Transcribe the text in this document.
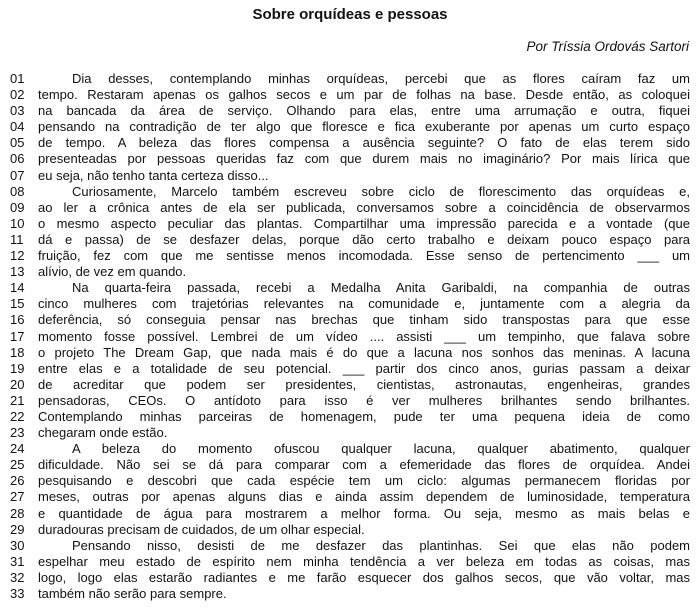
Sobre orquídeas e pessoas
Por Tríssia Ordovás Sartori
01	Dia desses, contemplando minhas orquídeas, percebi que as flores caíram faz um
02	tempo. Restaram apenas os galhos secos e um par de folhas na base. Desde então, as coloquei
03	na bancada da área de serviço. Olhando para elas, entre uma arrumação e outra, fiquei
04	pensando na contradição de ter algo que floresce e fica exuberante por apenas um curto espaço
05	de tempo. A beleza das flores compensa a ausência seguinte? O fato de elas terem sido
06	presenteadas por pessoas queridas faz com que durem mais no imaginário? Por mais lírica que
07	eu seja, não tenho tanta certeza disso...
08	Curiosamente, Marcelo também escreveu sobre ciclo de florescimento das orquídeas e,
09	ao ler a crônica antes de ela ser publicada, conversamos sobre a coincidência de observarmos
10	o mesmo aspecto peculiar das plantas. Compartilhar uma impressão parecida e a vontade (que
11	dá e passa) de se desfazer delas, porque dão certo trabalho e deixam pouco espaço para
12	fruição, fez com que me sentisse menos incomodada. Esse senso de pertencimento ___ um
13	alívio, de vez em quando.
14	Na quarta-feira passada, recebi a Medalha Anita Garibaldi, na companhia de outras
15	cinco mulheres com trajetórias relevantes na comunidade e, juntamente com a alegria da
16	deferência, só conseguia pensar nas brechas que tinham sido transpostas para que esse
17	momento fosse possível. Lembrei de um vídeo .... assisti ___ um tempinho, que falava sobre
18	o projeto The Dream Gap, que nada mais é do que a lacuna nos sonhos das meninas. A lacuna
19	entre elas e a totalidade de seu potencial. ___ partir dos cinco anos, gurias passam a deixar
20	de acreditar que podem ser presidentes, cientistas, astronautas, engenheiras, grandes
21	pensadoras, CEOs. O antídoto para isso é ver mulheres brilhantes sendo brilhantes.
22	Contemplando minhas parceiras de homenagem, pude ter uma pequena ideia de como
23	chegaram onde estão.
24	A beleza do momento ofuscou qualquer lacuna, qualquer abatimento, qualquer
25	dificuldade. Não sei se dá para comparar com a efemeridade das flores de orquídea. Andei
26	pesquisando e descobri que cada espécie tem um ciclo: algumas permanecem floridas por
27	meses, outras por apenas alguns dias e ainda assim dependem de luminosidade, temperatura
28	e quantidade de água para mostrarem a melhor forma. Ou seja, mesmo as mais belas e
29	duradouras precisam de cuidados, de um olhar especial.
30	Pensando nisso, desisti de me desfazer das plantinhas. Sei que elas não podem
31	espelhar meu estado de espírito nem minha tendência a ver beleza em todas as coisas, mas
32	logo, logo elas estarão radiantes e me farão esquecer dos galhos secos, que vão voltar, mas
33	também não serão para sempre.
